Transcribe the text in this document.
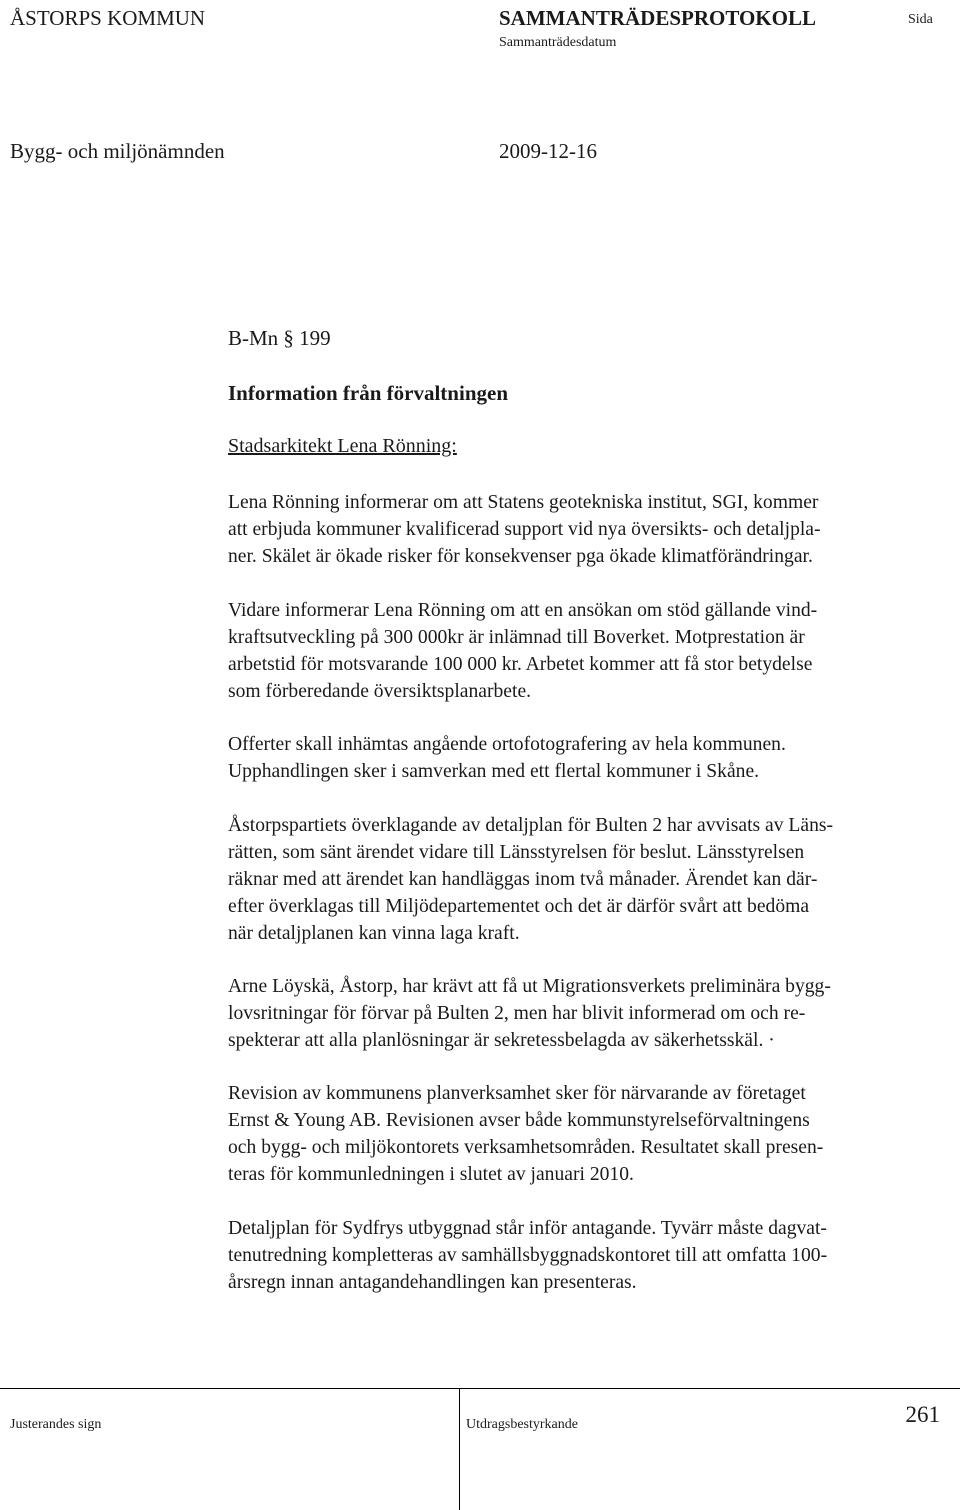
ÅSTORPS KOMMUN	SAMMANTRÄDESPROTOKOLL	Sida
Sammanträdesdatum
Bygg- och miljönämnden	2009-12-16
B-Mn § 199
Information från förvaltningen
Stadsarkitekt Lena Rönning:
Lena Rönning informerar om att Statens geotekniska institut, SGI, kommer
att erbjuda kommuner kvalificerad support vid nya översikts- och detaljpla-
ner. Skälet är ökade risker för konsekvenser pga ökade klimatförändringar.
Vidare informerar Lena Rönning om att en ansökan om stöd gällande vind-
kraftsutveckling på 300 000kr är inlämnad till Boverket. Motprestation är
arbetstid för motsvarande 100 000 kr. Arbetet kommer att få stor betydelse
som förberedande översiktsplanarbete.
Offerter skall inhämtas angående ortofotografering av hela kommunen.
Upphandlingen sker i samverkan med ett flertal kommuner i Skåne.
Åstorpspartiets överklagande av detaljplan för Bulten 2 har avvisats av Läns-
rätten, som sänt ärendet vidare till Länsstyrelsen för beslut. Länsstyrelsen
räknar med att ärendet kan handläggas inom två månader. Ärendet kan där-
efter överklagas till Miljödepartementet och det är därför svårt att bedöma
när detaljplanen kan vinna laga kraft.
Arne Löyskä, Åstorp, har krävt att få ut Migrationsverkets preliminära bygg-
lovsritningar för förvar på Bulten 2, men har blivit informerad om och re-
spekterar att alla planlösningar är sekretessbelagda av säkerhetsskäl. ·
Revision av kommunens planverksamhet sker för närvarande av företaget
Ernst & Young AB. Revisionen avser både kommunstyrelseförvaltningens
och bygg- och miljökontorets verksamhetsområden. Resultatet skall presen-
teras för kommunledningen i slutet av januari 2010.
Detaljplan för Sydfrys utbyggnad står inför antagande. Tyvärr måste dagvat-
tenutredning kompletteras av samhällsbyggnadskontoret till att omfatta 100-
årsregn innan antagandehandlingen kan presenteras.
Justerandes sign	Utdragsbestyrkande	261
